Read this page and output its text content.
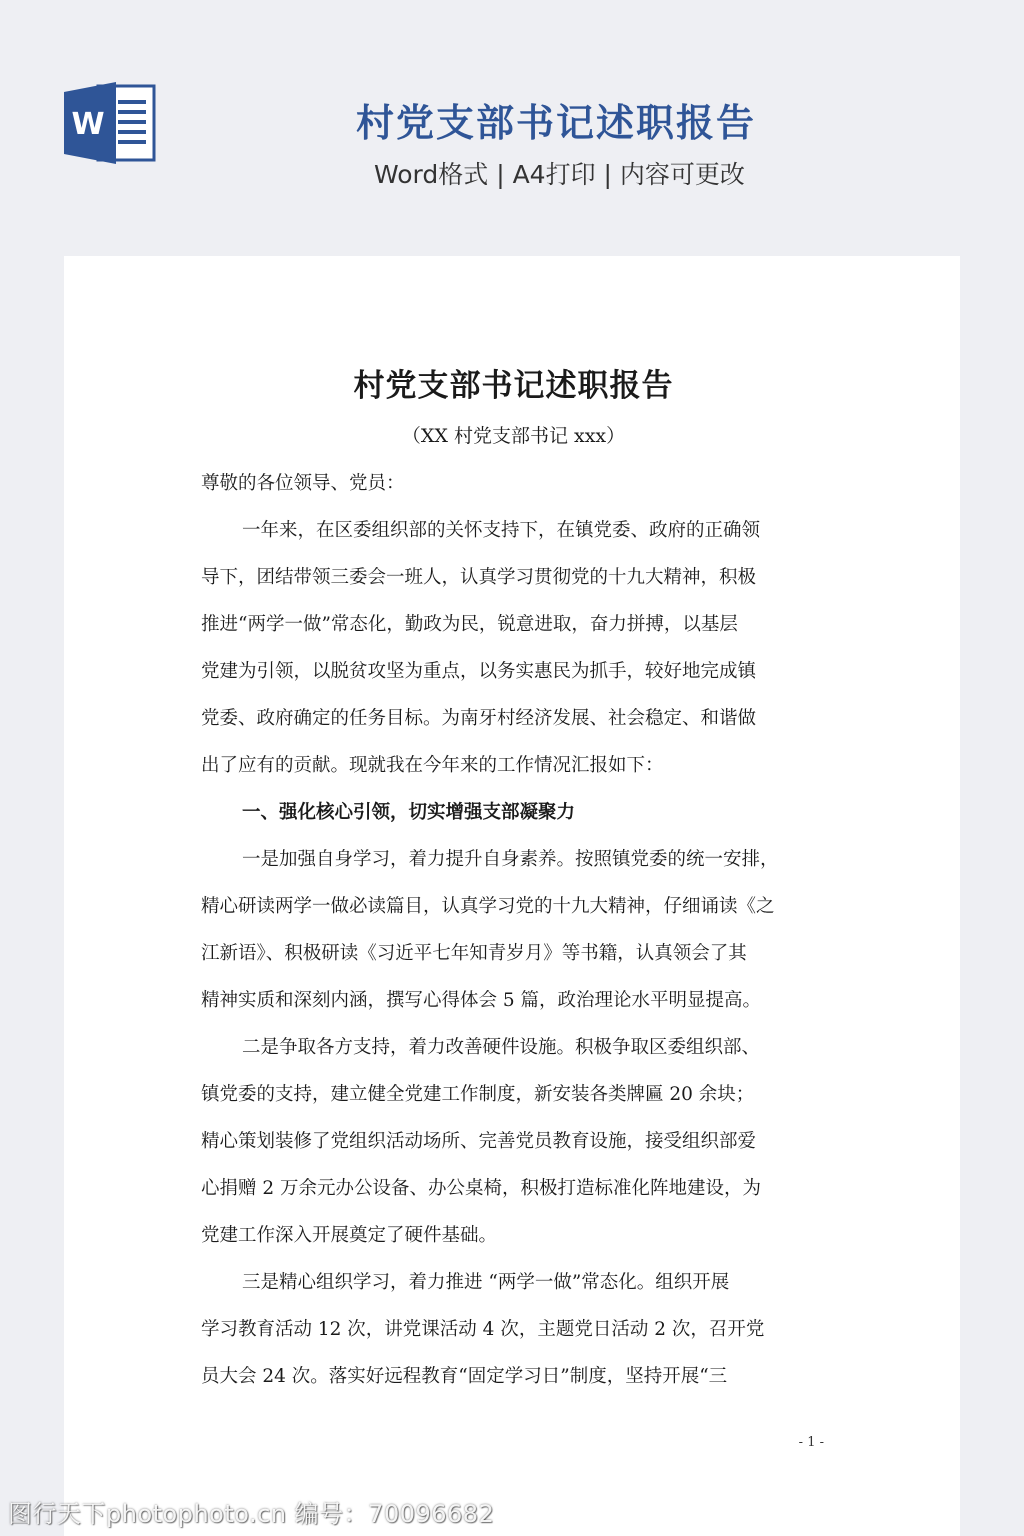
W	村党支部书记述职报告
Word格式 | A4打印 | 内容可更改
村党支部书记述职报告

（XX 村党支部书记 xxx）

尊敬的各位领导、党员：

一年来，在区委组织部的关怀支持下，在镇党委、政府的正确领

导下，团结带领三委会一班人，认真学习贯彻党的十九大精神，积极

推进“两学一做”常态化，勤政为民，锐意进取，奋力拼搏，以基层

党建为引领，以脱贫攻坚为重点，以务实惠民为抓手，较好地完成镇

党委、政府确定的任务目标。为南牙村经济发展、社会稳定、和谐做

出了应有的贡献。现就我在今年来的工作情况汇报如下：

一、强化核心引领，切实增强支部凝聚力

一是加强自身学习，着力提升自身素养。按照镇党委的统一安排，

精心研读两学一做必读篇目，认真学习党的十九大精神，仔细诵读《之

江新语》、积极研读《习近平七年知青岁月》等书籍，认真领会了其

精神实质和深刻内涵，撰写心得体会 5 篇，政治理论水平明显提高。

二是争取各方支持，着力改善硬件设施。积极争取区委组织部、

镇党委的支持，建立健全党建工作制度，新安装各类牌匾 20 余块；

精心策划装修了党组织活动场所、完善党员教育设施，接受组织部爱

心捐赠 2 万余元办公设备、办公桌椅，积极打造标准化阵地建设，为

党建工作深入开展奠定了硬件基础。

三是精心组织学习，着力推进 “两学一做”常态化。组织开展

学习教育活动 12 次，讲党课活动 4 次，主题党日活动 2 次，召开党

员大会 24 次。落实好远程教育“固定学习日”制度，坚持开展“三

- 1 -
图行天下photophoto.cn 编号：70096682
